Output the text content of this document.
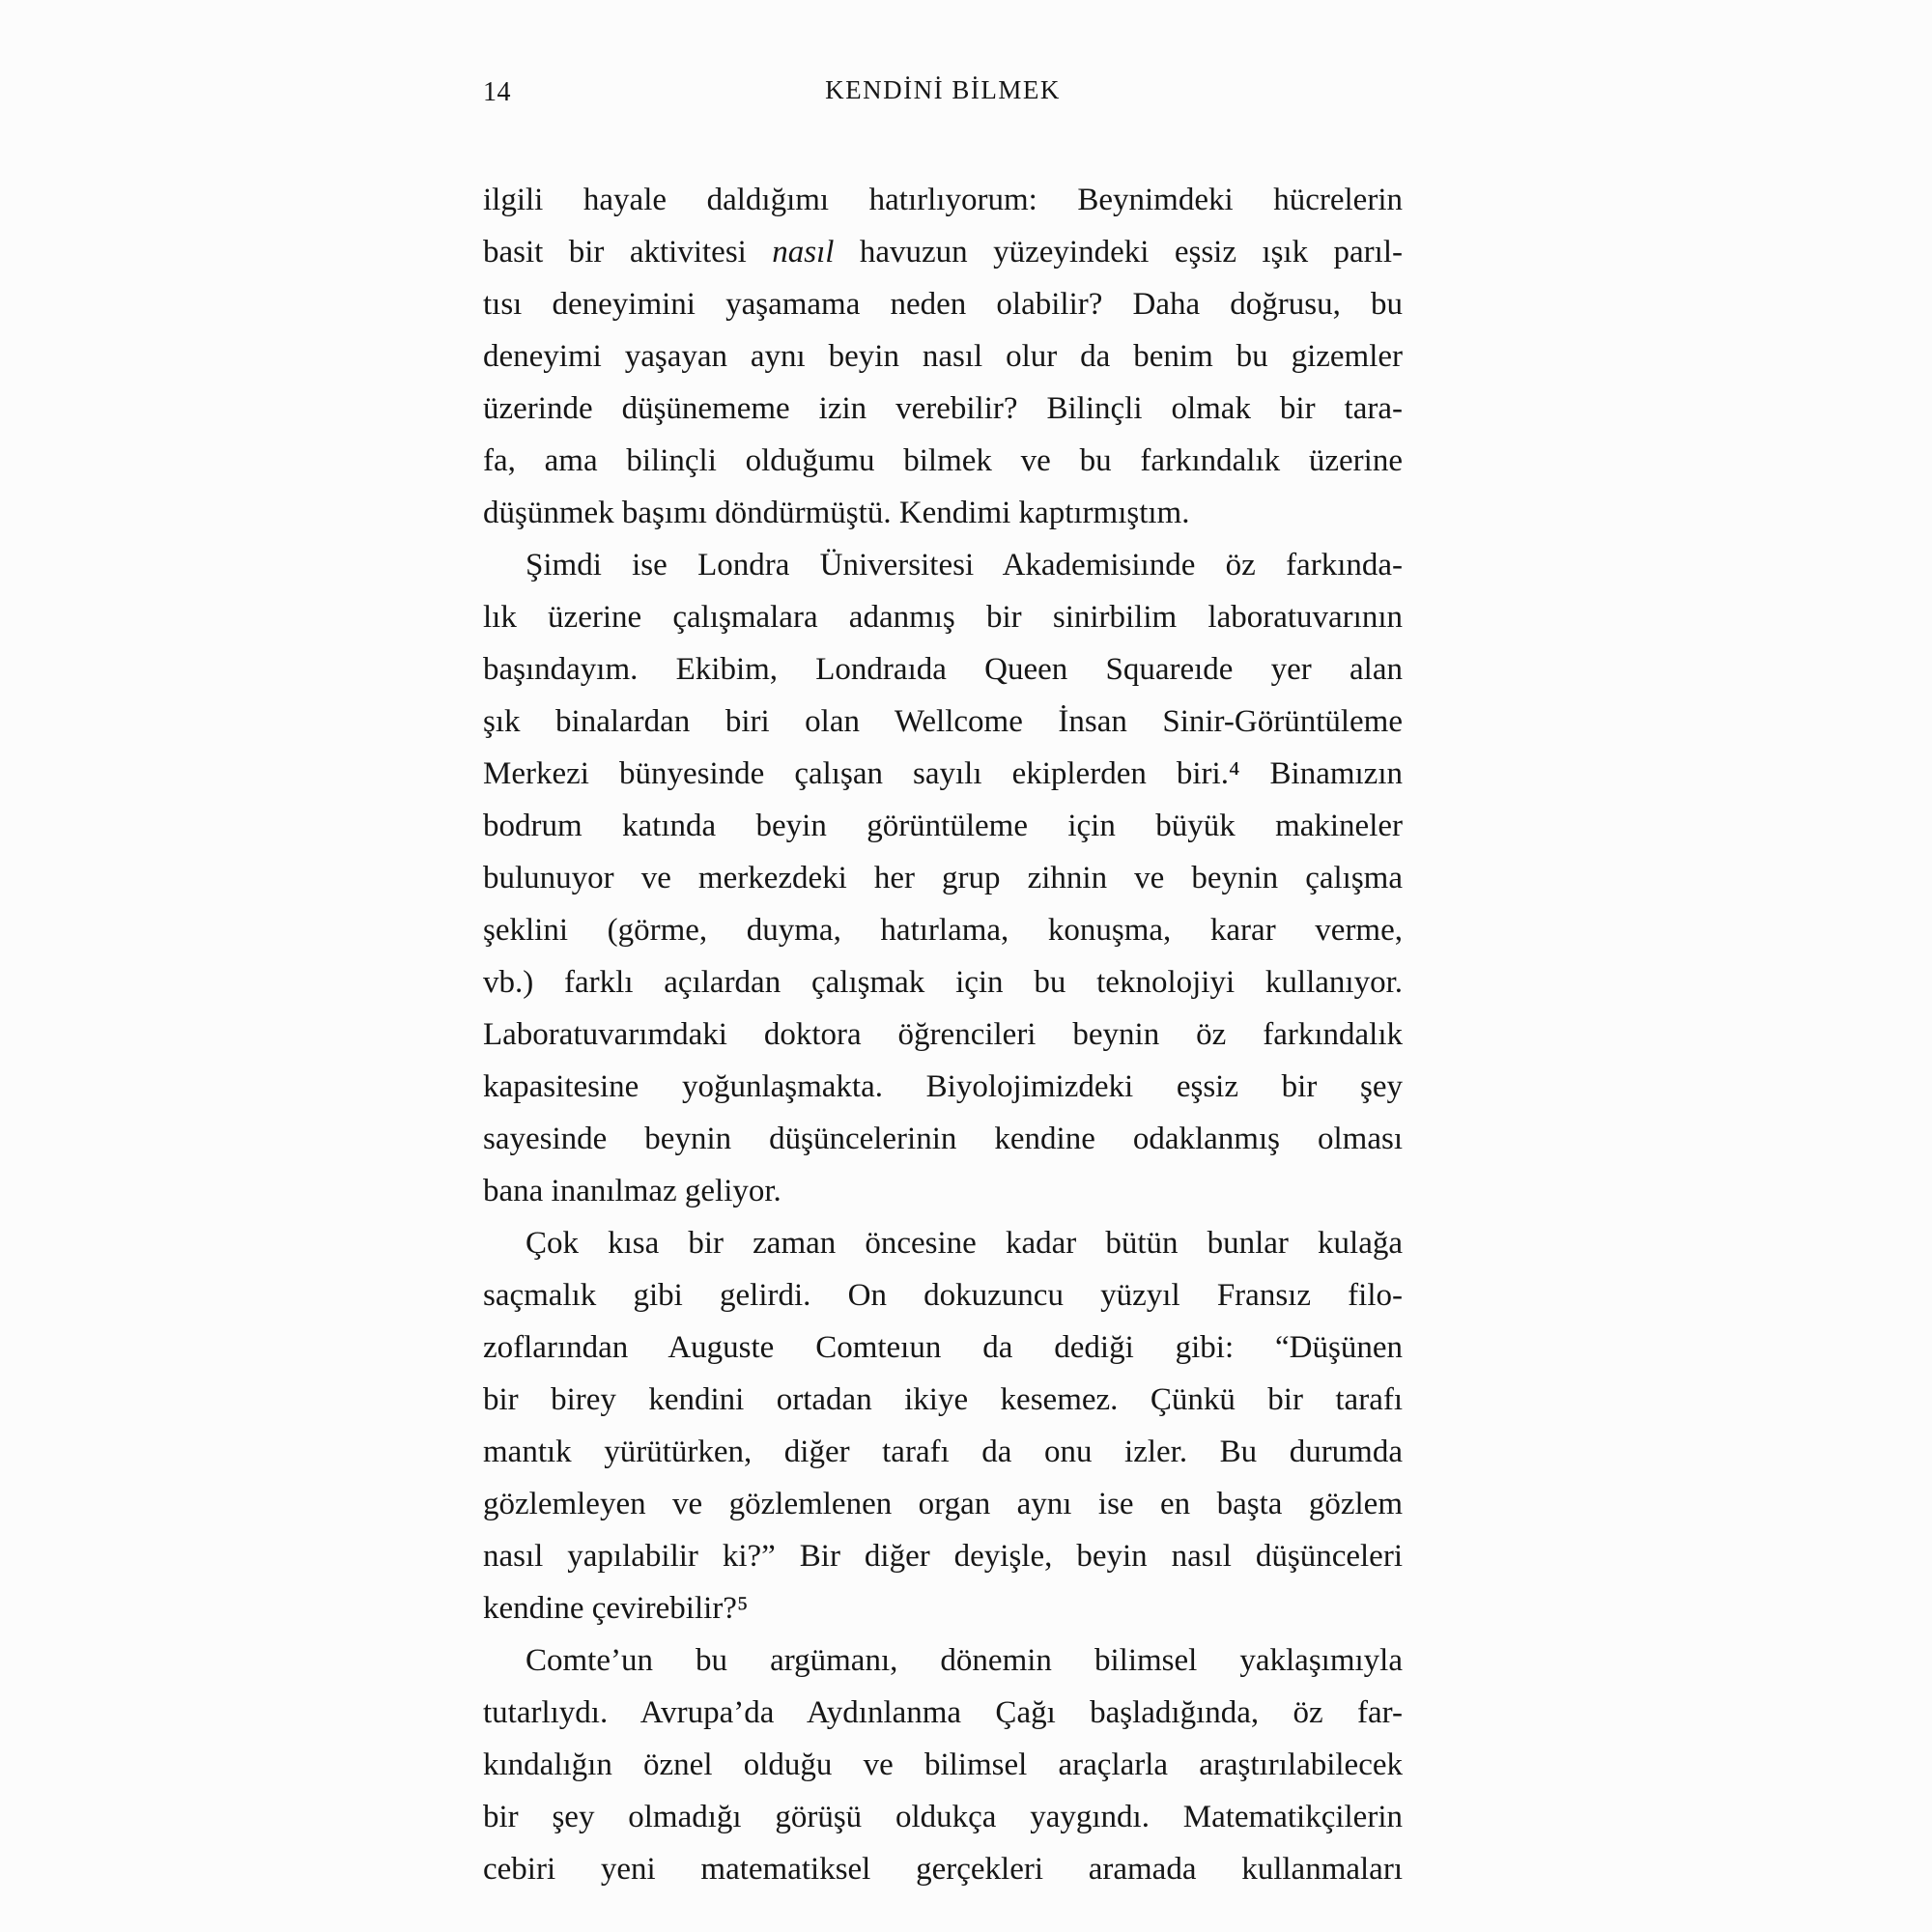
14	KENDİNİ BİLMEK
ilgili hayale daldığımı hatırlıyorum: Beynimdeki hücrelerin
basit bir aktivitesi nasıl havuzun yüzeyindeki eşsiz ışık parıl-
tısı deneyimini yaşamama neden olabilir? Daha doğrusu, bu
deneyimi yaşayan aynı beyin nasıl olur da benim bu gizemler
üzerinde düşünememe izin verebilir? Bilinçli olmak bir tara-
fa, ama bilinçli olduğumu bilmek ve bu farkındalık üzerine
düşünmek başımı döndürmüştü. Kendimi kaptırmıştım.
Şimdi ise Londra Üniversitesi Akademisiınde öz farkında-
lık üzerine çalışmalara adanmış bir sinirbilim laboratuvarının
başındayım. Ekibim, Londraıda Queen Squareıde yer alan
şık binalardan biri olan Wellcome İnsan Sinir-Görüntüleme
Merkezi bünyesinde çalışan sayılı ekiplerden biri.⁴ Binamızın
bodrum katında beyin görüntüleme için büyük makineler
bulunuyor ve merkezdeki her grup zihnin ve beynin çalışma
şeklini (görme, duyma, hatırlama, konuşma, karar verme,
vb.) farklı açılardan çalışmak için bu teknolojiyi kullanıyor.
Laboratuvarımdaki doktora öğrencileri beynin öz farkındalık
kapasitesine yoğunlaşmakta. Biyolojimizdeki eşsiz bir şey
sayesinde beynin düşüncelerinin kendine odaklanmış olması
bana inanılmaz geliyor.
Çok kısa bir zaman öncesine kadar bütün bunlar kulağa
saçmalık gibi gelirdi. On dokuzuncu yüzyıl Fransız filo-
zoflarından Auguste Comteıun da dediği gibi: “Düşünen
bir birey kendini ortadan ikiye kesemez. Çünkü bir tarafı
mantık yürütürken, diğer tarafı da onu izler. Bu durumda
gözlemleyen ve gözlemlenen organ aynı ise en başta gözlem
nasıl yapılabilir ki?” Bir diğer deyişle, beyin nasıl düşünceleri
kendine çevirebilir?⁵
Comte’un bu argümanı, dönemin bilimsel yaklaşımıyla
tutarlıydı. Avrupa’da Aydınlanma Çağı başladığında, öz far-
kındalığın öznel olduğu ve bilimsel araçlarla araştırılabilecek
bir şey olmadığı görüşü oldukça yaygındı. Matematikçilerin
cebiri yeni matematiksel gerçekleri aramada kullanmaları
